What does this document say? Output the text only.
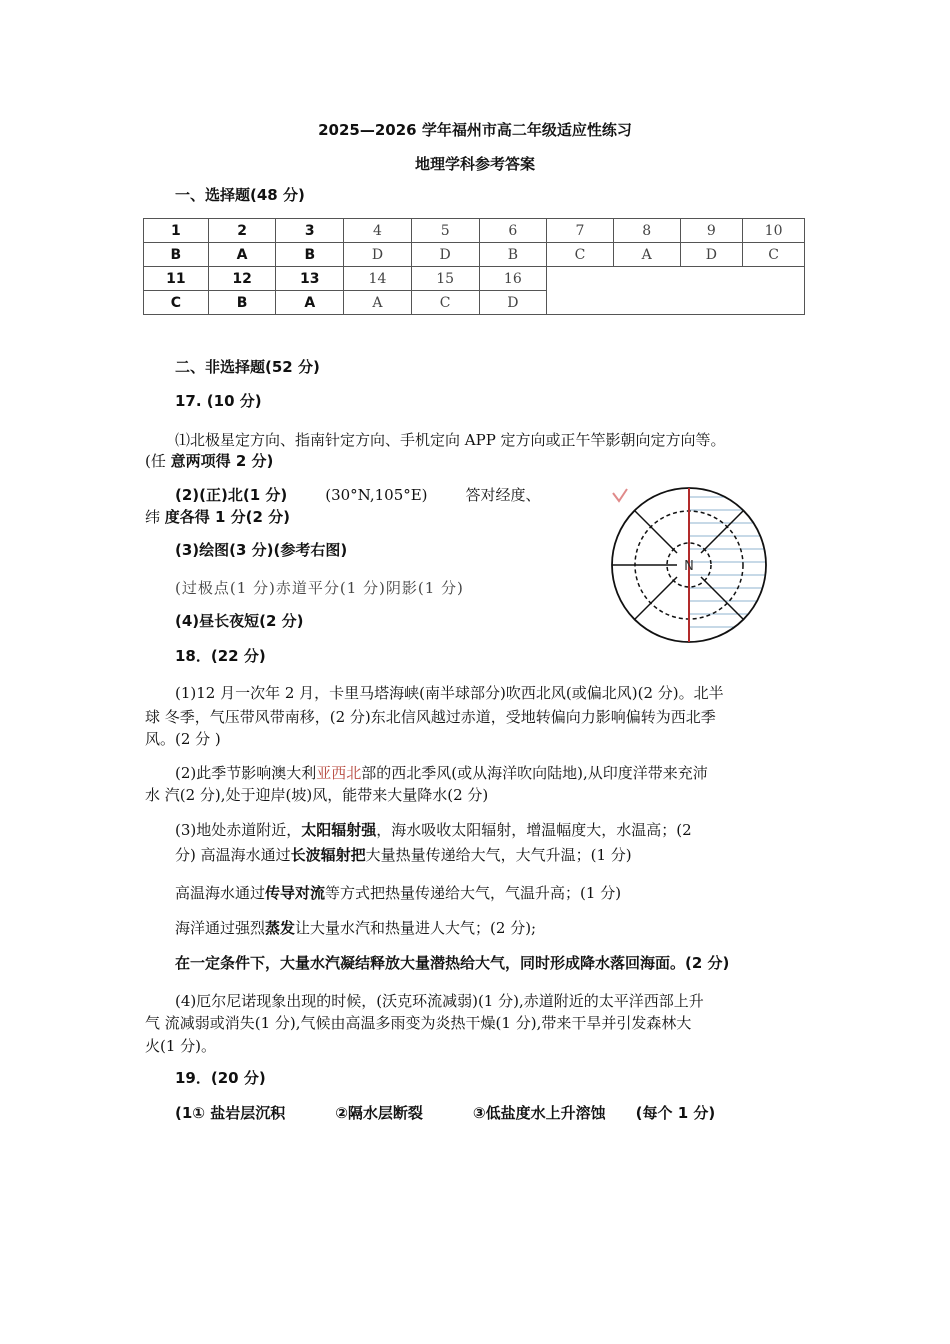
2025—2026 学年福州市高二年级适应性练习
地理学科参考答案
一、选择题(48 分)
1	2	3	4	5	6	7	8	9	10
B	A	B	D	D	B	C	A	D	C
11	12	13	14	15	16				
C	B	A	A	C	D				
二、非选择题(52 分)
17. (10 分)
⑴北极星定方向、指南针定方向、手机定向 APP 定方向或正午竿影朝向定方向等。
(任 意两项得 2 分)
(2)(正)北(1 分)	(30°N,105°E)	答对经度、
纬 度各得 1 分(2 分)
(3)绘图(3 分)(参考右图)
(过极点(1 分)赤道平分(1 分)阴影(1 分)
(4)昼长夜短(2 分)
N
18．(22 分)
(1)12 月一次年 2 月，卡里马塔海峡(南半球部分)吹西北风(或偏北风)(2 分)。北半
球 冬季，气压带风带南移，(2 分)东北信风越过赤道，受地转偏向力影响偏转为西北季
风。(2 分 )
(2)此季节影响澳大利亚西北部的西北季风(或从海洋吹向陆地),从印度洋带来充沛
水 汽(2 分),处于迎岸(坡)风，能带来大量降水(2 分)
(3)地处赤道附近，太阳辐射强，海水吸收太阳辐射，增温幅度大，水温高；(2
分) 高温海水通过长波辐射把大量热量传递给大气，大气升温；(1 分)
高温海水通过传导对流等方式把热量传递给大气，气温升高；(1 分)
海洋通过强烈蒸发让大量水汽和热量进人大气；(2 分);
在一定条件下，大量水汽凝结释放大量潜热给大气，同时形成降水落回海面。(2 分)
(4)厄尔尼诺现象出现的时候，(沃克环流减弱)(1 分),赤道附近的太平洋西部上升
气 流减弱或消失(1 分),气候由高温多雨变为炎热干燥(1 分),带来干旱并引发森林大
火(1 分)。
19．(20 分)
(1① 盐岩层沉积	②隔水层断裂	③低盐度水上升溶蚀 (每个 1 分)
